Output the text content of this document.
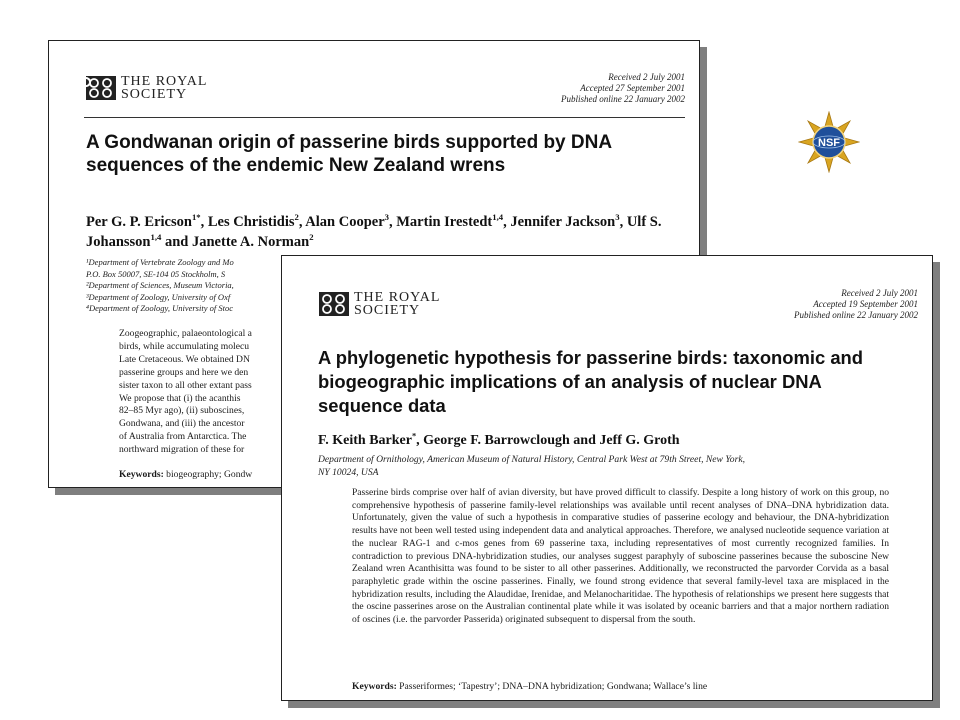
THE ROYAL
SOCIETY
Received 2 July 2001
Accepted 27 September 2001
Published online 22 January 2002
A Gondwanan origin of passerine birds supported by DNA sequences of the endemic New Zealand wrens

Per G. P. Ericson$^{1*}$, Les Christidis$^2$, Alan Cooper$^3$, Martin Irestedt$^{1,4}$, Jennifer Jackson$^3$, Ulf S. Johansson$^{1,4}$ and Janette A. Norman$^2$

¹Department of Vertebrate Zoology and Mo
P.O. Box 50007, SE-104 05 Stockholm, S
²Department of Sciences, Museum Victoria,
³Department of Zoology, University of Oxf
⁴Department of Zoology, University of Stoc
Zoogeographic, palaeontological a
birds, while accumulating molecu
Late Cretaceous. We obtained DN
passerine groups and here we den
sister taxon to all other extant pass
We propose that (i) the acanthis
82–85 Myr ago), (ii) suboscines,
Gondwana, and (iii) the ancestor
of Australia from Antarctica. The
northward migration of these for

Keywords: biogeography; Gondw

NSF
THE ROYAL
SOCIETY
Received 2 July 2001
Accepted 19 September 2001
Published online 22 January 2002
A phylogenetic hypothesis for passerine birds: taxonomic and biogeographic implications of an analysis of nuclear DNA sequence data

F. Keith Barker*, George F. Barrowclough and Jeff G. Groth

Department of Ornithology, American Museum of Natural History, Central Park West at 79th Street, New York,
NY 10024, USA

Passerine birds comprise over half of avian diversity, but have proved difficult to classify. Despite a long history of work on this group, no comprehensive hypothesis of passerine family-level relationships was available until recent analyses of DNA–DNA hybridization data. Unfortunately, given the value of such a hypothesis in comparative studies of passerine ecology and behaviour, the DNA-hybridization results have not been well tested using independent data and analytical approaches. Therefore, we analysed nucleotide sequence variation at the nuclear RAG-1 and c-mos genes from 69 passerine taxa, including representatives of most currently recognized families. In contradiction to previous DNA-hybridization studies, our analyses suggest paraphyly of suboscine passerines because the suboscine New Zealand wren Acanthisitta was found to be sister to all other passerines. Additionally, we reconstructed the parvorder Corvida as a basal paraphyletic grade within the oscine passerines. Finally, we found strong evidence that several family-level taxa are misplaced in the hybridization results, including the Alaudidae, Irenidae, and Melanocharitidae. The hypothesis of relationships we present here suggests that the oscine passerines arose on the Australian continental plate while it was isolated by oceanic barriers and that a major northern radiation of oscines (i.e. the parvorder Passerida) originated subsequent to dispersal from the south.

Keywords: Passeriformes; ‘Tapestry’; DNA–DNA hybridization; Gondwana; Wallace’s line
